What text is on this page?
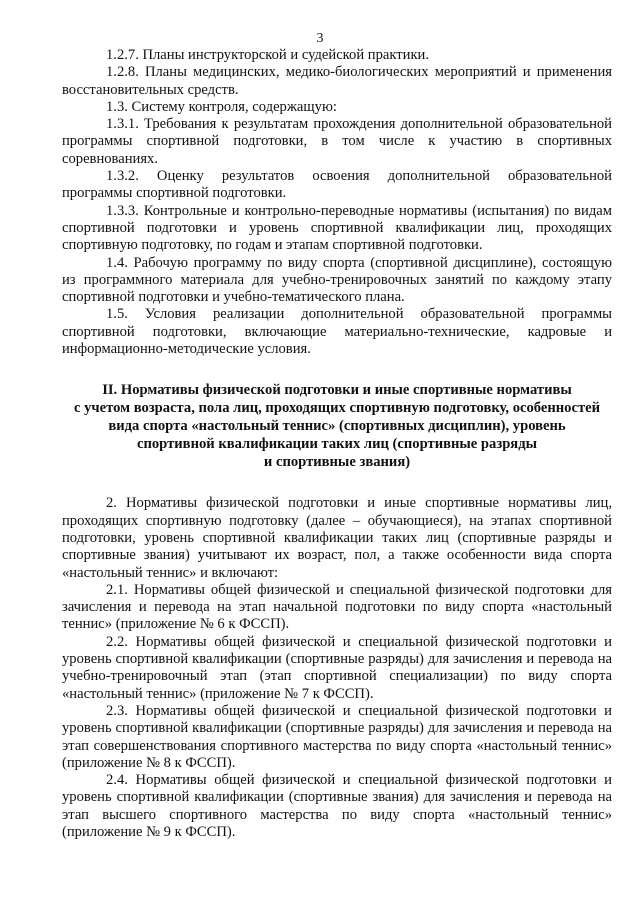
3

1.2.7. Планы инструкторской и судейской практики.

1.2.8. Планы медицинских, медико-биологических мероприятий и применения восстановительных средств.

1.3. Систему контроля, содержащую:

1.3.1. Требования к результатам прохождения дополнительной образовательной программы спортивной подготовки, в том числе к участию в спортивных соревнованиях.

1.3.2. Оценку результатов освоения дополнительной образовательной программы спортивной подготовки.

1.3.3. Контрольные и контрольно-переводные нормативы (испытания) по видам спортивной подготовки и уровень спортивной квалификации лиц, проходящих спортивную подготовку, по годам и этапам спортивной подготовки.

1.4. Рабочую программу по виду спорта (спортивной дисциплине), состоящую из программного материала для учебно-тренировочных занятий по каждому этапу спортивной подготовки и учебно-тематического плана.

1.5. Условия реализации дополнительной образовательной программы спортивной подготовки, включающие материально-технические, кадровые и информационно-методические условия.

II. Нормативы физической подготовки и иные спортивные нормативы
с учетом возраста, пола лиц, проходящих спортивную подготовку, особенностей
вида спорта «настольный теннис» (спортивных дисциплин), уровень
спортивной квалификации таких лиц (спортивные разряды
и спортивные звания)

2. Нормативы физической подготовки и иные спортивные нормативы лиц, проходящих спортивную подготовку (далее – обучающиеся), на этапах спортивной подготовки, уровень спортивной квалификации таких лиц (спортивные разряды и спортивные звания) учитывают их возраст, пол, а также особенности вида спорта «настольный теннис» и включают:

2.1. Нормативы общей физической и специальной физической подготовки для зачисления и перевода на этап начальной подготовки по виду спорта «настольный теннис» (приложение № 6 к ФССП).

2.2. Нормативы общей физической и специальной физической подготовки и уровень спортивной квалификации (спортивные разряды) для зачисления и перевода на учебно-тренировочный этап (этап спортивной специализации) по виду спорта «настольный теннис» (приложение № 7 к ФССП).

2.3. Нормативы общей физической и специальной физической подготовки и уровень спортивной квалификации (спортивные разряды) для зачисления и перевода на этап совершенствования спортивного мастерства по виду спорта «настольный теннис» (приложение № 8 к ФССП).

2.4. Нормативы общей физической и специальной физической подготовки и уровень спортивной квалификации (спортивные звания) для зачисления и перевода на этап высшего спортивного мастерства по виду спорта «настольный теннис» (приложение № 9 к ФССП).
